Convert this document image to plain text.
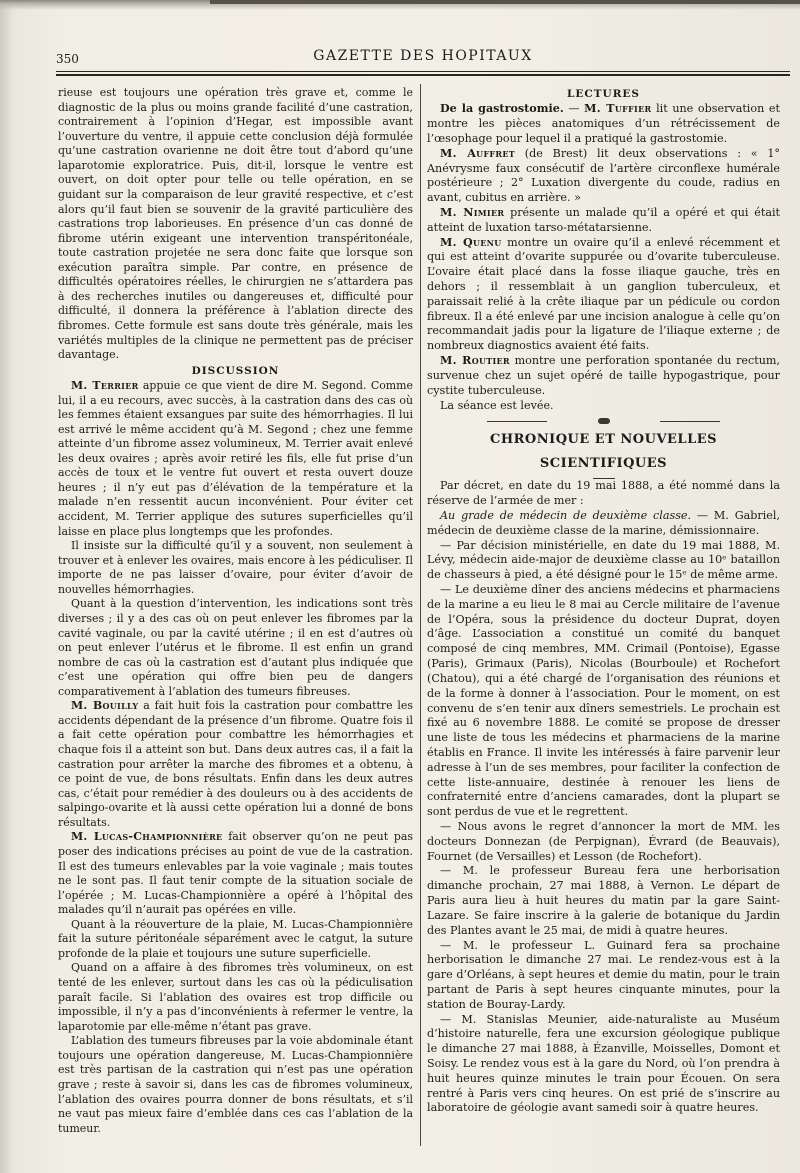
350	GAZETTE DES HOPITAUX

rieuse est toujours une opération très grave et, comme le diagnostic de la plus ou moins grande facilité d’une castration, contrairement à l’opinion d’Hegar, est impossible avant l’ouverture du ventre, il appuie cette conclusion déjà formulée qu’une castration ovarienne ne doit être tout d’abord qu’une laparotomie exploratrice. Puis, dit-il, lorsque le ventre est ouvert, on doit opter pour telle ou telle opération, en se guidant sur la comparaison de leur gravité respective, et c’est alors qu’il faut bien se souvenir de la gravité particulière des castrations trop laborieuses. En présence d’un cas donné de fibrome utérin exigeant une intervention transpéritonéale, toute castration projetée ne sera donc faite que lorsque son exécution paraîtra simple. Par contre, en présence de difficultés opératoires réelles, le chirurgien ne s’attardera pas à des recherches inutiles ou dangereuses et, difficulté pour difficulté, il donnera la préférence à l’ablation directe des fibromes. Cette formule est sans doute très générale, mais les variétés multiples de la clinique ne permettent pas de préciser davantage.

DISCUSSION

M. Terrier appuie ce que vient de dire M. Segond. Comme lui, il a eu recours, avec succès, à la castration dans des cas où les femmes étaient exsangues par suite des hémorrhagies. Il lui est arrivé le même accident qu’à M. Segond ; chez une femme atteinte d’un fibrome assez volumineux, M. Terrier avait enlevé les deux ovaires ; après avoir retiré les fils, elle fut prise d’un accès de toux et le ventre fut ouvert et resta ouvert douze heures ; il n’y eut pas d’élévation de la température et la malade n’en ressentit aucun inconvénient. Pour éviter cet accident, M. Terrier applique des sutures superficielles qu’il laisse en place plus longtemps que les profondes.

Il insiste sur la difficulté qu’il y a souvent, non seulement à trouver et à enlever les ovaires, mais encore à les pédiculiser. Il importe de ne pas laisser d’ovaire, pour éviter d’avoir de nouvelles hémorrhagies.

Quant à la question d’intervention, les indications sont très diverses ; il y a des cas où on peut enlever les fibromes par la cavité vaginale, ou par la cavité utérine ; il en est d’autres où on peut enlever l’utérus et le fibrome. Il est enfin un grand nombre de cas où la castration est d’autant plus indiquée que c’est une opération qui offre bien peu de dangers comparativement à l’ablation des tumeurs fibreuses.

M. Bouilly a fait huit fois la castration pour combattre les accidents dépendant de la présence d’un fibrome. Quatre fois il a fait cette opération pour combattre les hémorrhagies et chaque fois il a atteint son but. Dans deux autres cas, il a fait la castration pour arrêter la marche des fibromes et a obtenu, à ce point de vue, de bons résultats. Enfin dans les deux autres cas, c’était pour remédier à des douleurs ou à des accidents de salpingo-ovarite et là aussi cette opération lui a donné de bons résultats.

M. Lucas-Championnière fait observer qu’on ne peut pas poser des indications précises au point de vue de la castration. Il est des tumeurs enlevables par la voie vaginale ; mais toutes ne le sont pas. Il faut tenir compte de la situation sociale de l’opérée ; M. Lucas-Championnière a opéré à l’hôpital des malades qu’il n’aurait pas opérées en ville.

Quant à la réouverture de la plaie, M. Lucas-Championnière fait la suture péritonéale séparément avec le catgut, la suture profonde de la plaie et toujours une suture superficielle.

Quand on a affaire à des fibromes très volumineux, on est tenté de les enlever, surtout dans les cas où la pédiculisation paraît facile. Si l’ablation des ovaires est trop difficile ou impossible, il n’y a pas d’inconvénients à refermer le ventre, la laparotomie par elle-même n’étant pas grave.

L’ablation des tumeurs fibreuses par la voie abdominale étant toujours une opération dangereuse, M. Lucas-Championnière est très partisan de la castration qui n’est pas une opération grave ; reste à savoir si, dans les cas de fibromes volumineux, l’ablation des ovaires pourra donner de bons résultats, et s’il ne vaut pas mieux faire d’emblée dans ces cas l’ablation de la tumeur.

LECTURES

De la gastrostomie. — M. Tuffier lit une observation et montre les pièces anatomiques d’un rétrécissement de l’œsophage pour lequel il a pratiqué la gastrostomie.

M. Auffret (de Brest) lit deux observations : « 1° Anévrysme faux consécutif de l’artère circonflexe humérale postérieure ; 2° Luxation divergente du coude, radius en avant, cubitus en arrière. »

M. Nimier présente un malade qu’il a opéré et qui était atteint de luxation tarso-métatarsienne.

M. Quenu montre un ovaire qu’il a enlevé récemment et qui est atteint d’ovarite suppurée ou d’ovarite tuberculeuse. L’ovaire était placé dans la fosse iliaque gauche, très en dehors ; il ressemblait à un ganglion tuberculeux, et paraissait relié à la crête iliaque par un pédicule ou cordon fibreux. Il a été enlevé par une incision analogue à celle qu’on recommandait jadis pour la ligature de l’iliaque externe ; de nombreux diagnostics avaient été faits.

M. Routier montre une perforation spontanée du rectum, survenue chez un sujet opéré de taille hypogastrique, pour cystite tuberculeuse.

La séance est levée.

CHRONIQUE ET NOUVELLES SCIENTIFIQUES

Par décret, en date du 19 mai 1888, a été nommé dans la réserve de l’armée de mer :

Au grade de médecin de deuxième classe. — M. Gabriel, médecin de deuxième classe de la marine, démissionnaire.

— Par décision ministérielle, en date du 19 mai 1888, M. Lévy, médecin aide-major de deuxième classe au 10ᵉ bataillon de chasseurs à pied, a été désigné pour le 15ᵉ de même arme.

— Le deuxième dîner des anciens médecins et pharmaciens de la marine a eu lieu le 8 mai au Cercle militaire de l’avenue de l’Opéra, sous la présidence du docteur Duprat, doyen d’âge. L’association a constitué un comité du banquet composé de cinq membres, MM. Crimail (Pontoise), Egasse (Paris), Grimaux (Paris), Nicolas (Bourboule) et Rochefort (Chatou), qui a été chargé de l’organisation des réunions et de la forme à donner à l’association. Pour le moment, on est convenu de s’en tenir aux dîners semestriels. Le prochain est fixé au 6 novembre 1888. Le comité se propose de dresser une liste de tous les médecins et pharmaciens de la marine établis en France. Il invite les intéressés à faire parvenir leur adresse à l’un de ses membres, pour faciliter la confection de cette liste-annuaire, destinée à renouer les liens de confraternité entre d’anciens camarades, dont la plupart se sont perdus de vue et le regrettent.

— Nous avons le regret d’annoncer la mort de MM. les docteurs Donnezan (de Perpignan), Évrard (de Beauvais), Fournet (de Versailles) et Lesson (de Rochefort).

— M. le professeur Bureau fera une herborisation dimanche prochain, 27 mai 1888, à Vernon. Le départ de Paris aura lieu à huit heures du matin par la gare Saint-Lazare. Se faire inscrire à la galerie de botanique du Jardin des Plantes avant le 25 mai, de midi à quatre heures.

— M. le professeur L. Guinard fera sa prochaine herborisation le dimanche 27 mai. Le rendez-vous est à la gare d’Orléans, à sept heures et demie du matin, pour le train partant de Paris à sept heures cinquante minutes, pour la station de Bouray-Lardy.

— M. Stanislas Meunier, aide-naturaliste au Muséum d’histoire naturelle, fera une excursion géologique publique le dimanche 27 mai 1888, à Ézanville, Moisselles, Domont et Soisy. Le rendez vous est à la gare du Nord, où l’on prendra à huit heures quinze minutes le train pour Écouen. On sera rentré à Paris vers cinq heures. On est prié de s’inscrire au laboratoire de géologie avant samedi soir à quatre heures.
